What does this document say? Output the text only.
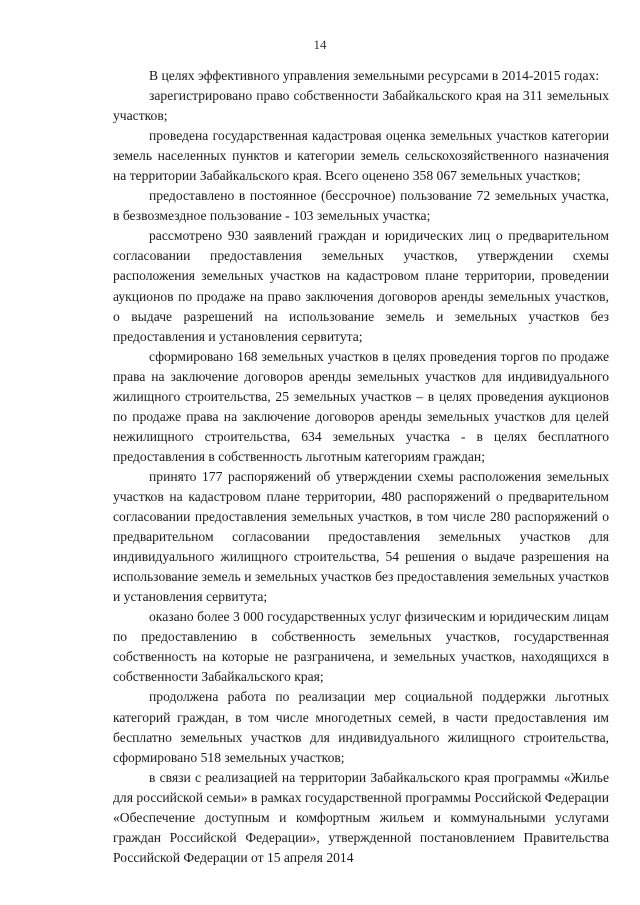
14

В целях эффективного управления земельными ресурсами в 2014-2015 годах:

зарегистрировано право собственности Забайкальского края на 311 земельных участков;

проведена государственная кадастровая оценка земельных участков категории земель населенных пунктов и категории земель сельскохозяйственного назначения на территории Забайкальского края. Всего оценено 358 067 земельных участков;

предоставлено в постоянное (бессрочное) пользование 72 земельных участка, в безвозмездное пользование - 103 земельных участка;

рассмотрено 930 заявлений граждан и юридических лиц о предварительном согласовании предоставления земельных участков, утверждении схемы расположения земельных участков на кадастровом плане территории, проведении аукционов по продаже на право заключения договоров аренды земельных участков, о выдаче разрешений на использование земель и земельных участков без предоставления и установления сервитута;

сформировано 168 земельных участков в целях проведения торгов по продаже права на заключение договоров аренды земельных участков для индивидуального жилищного строительства, 25 земельных участков – в целях проведения аукционов по продаже права на заключение договоров аренды земельных участков для целей нежилищного строительства, 634 земельных участка - в целях бесплатного предоставления в собственность льготным категориям граждан;

принято 177 распоряжений об утверждении схемы расположения земельных участков на кадастровом плане территории, 480 распоряжений о предварительном согласовании предоставления земельных участков, в том числе 280 распоряжений о предварительном согласовании предоставления земельных участков для индивидуального жилищного строительства, 54 решения о выдаче разрешения на использование земель и земельных участков без предоставления земельных участков и установления сервитута;

оказано более 3 000 государственных услуг физическим и юридическим лицам по предоставлению в собственность земельных участков, государственная собственность на которые не разграничена, и земельных участков, находящихся в собственности Забайкальского края;

продолжена работа по реализации мер социальной поддержки льготных категорий граждан, в том числе многодетных семей, в части предоставления им бесплатно земельных участков для индивидуального жилищного строительства, сформировано 518 земельных участков;

в связи с реализацией на территории Забайкальского края программы «Жилье для российской семьи» в рамках государственной программы Российской Федерации «Обеспечение доступным и комфортным жильем и коммунальными услугами граждан Российской Федерации», утвержденной постановлением Правительства Российской Федерации от 15 апреля 2014
